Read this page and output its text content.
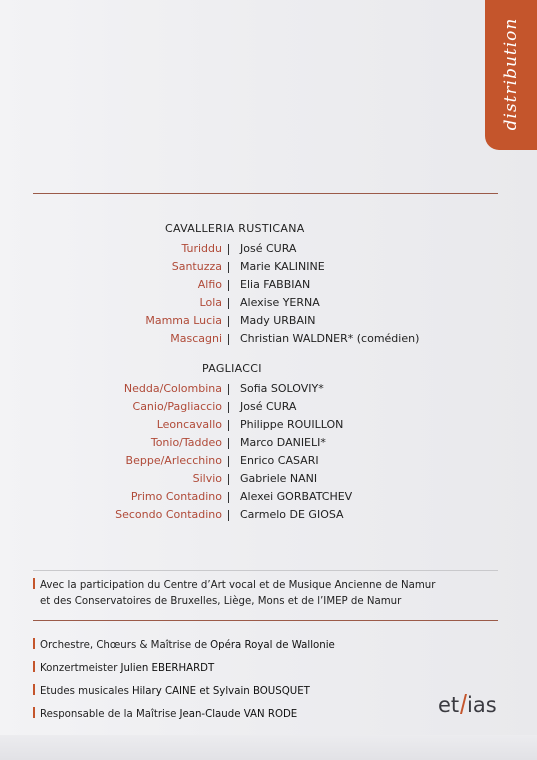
distribution
CAVALLERIA RUSTICANA
Turiddu José CURA
Santuzza Marie KALININE
Alfio Elia FABBIAN
Lola Alexise YERNA
Mamma Lucia Mady URBAIN
Mascagni Christian WALDNER* (comédien)
PAGLIACCI
Nedda/Colombina Sofia SOLOVIY*
Canio/Pagliaccio José CURA
Leoncavallo Philippe ROUILLON
Tonio/Taddeo Marco DANIELI*
Beppe/Arlecchino Enrico CASARI
Silvio Gabriele NANI
Primo Contadino Alexei GORBATCHEV
Secondo Contadino Carmelo DE GIOSA
Avec la participation du Centre d’Art vocal et de Musique Ancienne de Namur
et des Conservatoires de Bruxelles, Liège, Mons et de l’IMEP de Namur
Orchestre, Chœurs & Maîtrise de Opéra Royal de Wallonie
Konzertmeister Julien EBERHARDT
Etudes musicales Hilary CAINE et Sylvain BOUSQUET
Responsable de la Maîtrise Jean-Claude VAN RODE	et ias
